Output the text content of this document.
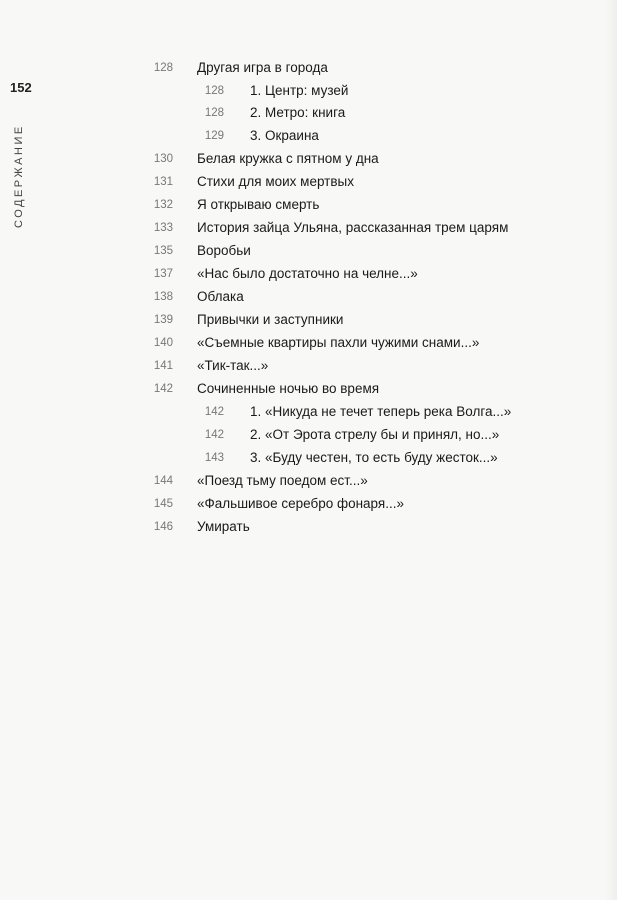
152
СОДЕРЖАНИЕ
128 Другая игра в города
128 1. Центр: музей
128 2. Метро: книга
129 3. Окраина
130 Белая кружка с пятном у дна
131 Стихи для моих мертвых
132 Я открываю смерть
133 История зайца Ульяна, рассказанная трем царям
135 Воробьи
137 «Нас было достаточно на челне...»
138 Облака
139 Привычки и заступники
140 «Съемные квартиры пахли чужими снами...»
141 «Тик-так...»
142 Сочиненные ночью во время
142 1. «Никуда не течет теперь река Волга...»
142 2. «От Эрота стрелу бы и принял, но...»
143 3. «Буду честен, то есть буду жесток...»
144 «Поезд тьму поедом ест...»
145 «Фальшивое серебро фонаря...»
146 Умирать
